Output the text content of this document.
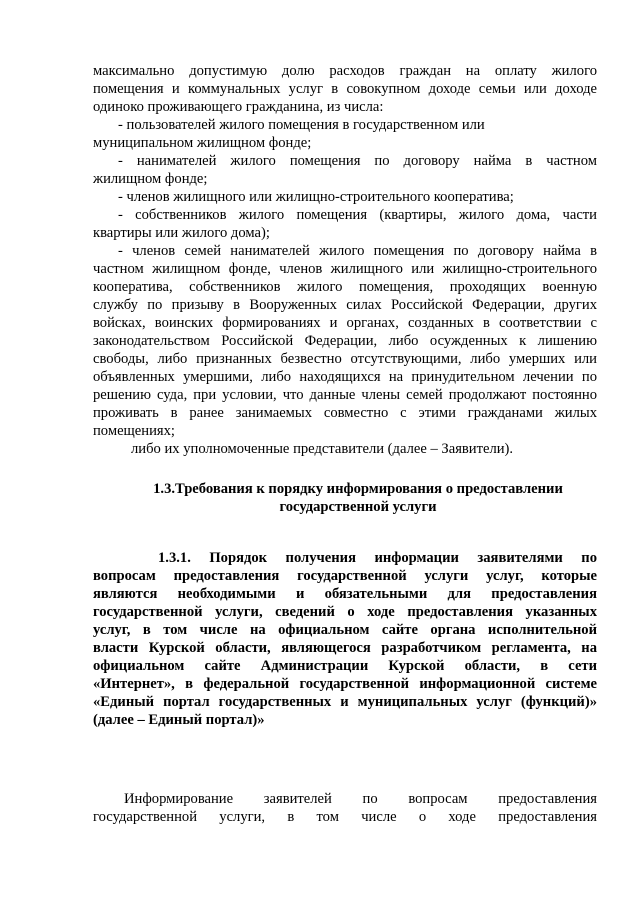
максимально допустимую долю расходов граждан на оплату жилого
помещения и коммунальных услуг в совокупном доходе семьи или доходе
одиноко проживающего гражданина, из числа:
- пользователей жилого помещения в государственном или
муниципальном жилищном фонде;
- нанимателей жилого помещения по договору найма в частном
жилищном фонде;
- членов жилищного или жилищно-строительного кооператива;
- собственников жилого помещения (квартиры, жилого дома, части
квартиры или жилого дома);
- членов семей нанимателей жилого помещения по договору найма в
частном жилищном фонде, членов жилищного или жилищно-строительного
кооператива, собственников жилого помещения, проходящих военную
службу по призыву в Вооруженных силах Российской Федерации, других
войсках, воинских формированиях и органах, созданных в соответствии с
законодательством Российской Федерации, либо осужденных к лишению
свободы, либо признанных безвестно отсутствующими, либо умерших или
объявленных умершими, либо находящихся на принудительном лечении по
решению суда, при условии, что данные члены семей продолжают постоянно
проживать в ранее занимаемых совместно с этими гражданами жилых
помещениях;
либо их уполномоченные представители (далее – Заявители).
1.3.Требования к порядку информирования о предоставлении
государственной услуги
1.3.1. Порядок получения информации заявителями по
вопросам предоставления государственной услуги услуг, которые
являются необходимыми и обязательными для предоставления
государственной услуги, сведений о ходе предоставления указанных
услуг, в том числе на официальном сайте органа исполнительной
власти Курской области, являющегося разработчиком регламента, на
официальном сайте Администрации Курской области, в сети
«Интернет», в федеральной государственной информационной системе
«Единый портал государственных и муниципальных услуг (функций)»
(далее – Единый портал)»
Информирование заявителей по вопросам предоставления
государственной услуги, в том числе о ходе предоставления
